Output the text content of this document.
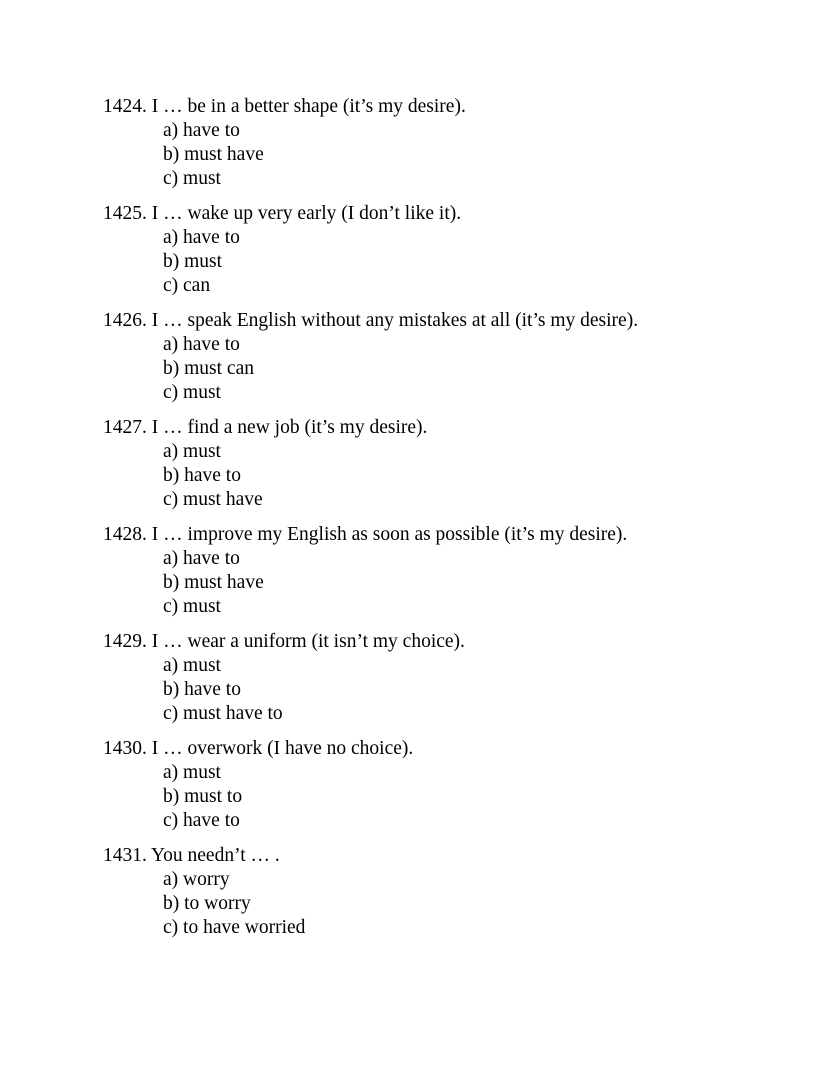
1424. I … be in a better shape (it’s my desire).
a) have to
b) must have
c) must
1425. I … wake up very early (I don’t like it).
a) have to
b) must
c) can
1426. I … speak English without any mistakes at all (it’s my desire).
a) have to
b) must can
c) must
1427. I … find a new job (it’s my desire).
a) must
b) have to
c) must have
1428. I … improve my English as soon as possible (it’s my desire).
a) have to
b) must have
c) must
1429. I … wear a uniform (it isn’t my choice).
a) must
b) have to
c) must have to
1430. I … overwork (I have no choice).
a) must
b) must to
c) have to
1431. You needn’t … .
a) worry
b) to worry
c) to have worried
